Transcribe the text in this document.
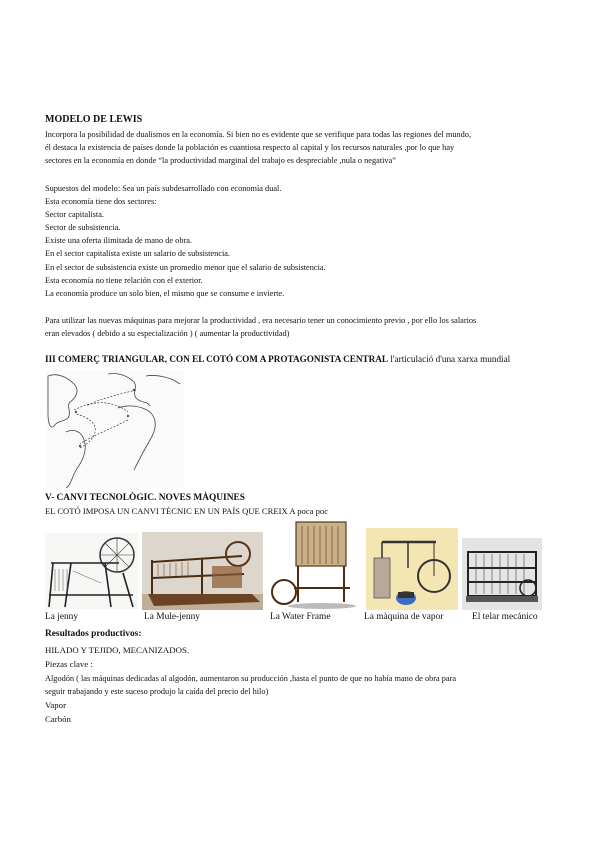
MODELO DE LEWIS
Incorpora la posibilidad de dualismos en la economía. Si bien no es evidente que se verifique para todas las regiones del mundo,
él destaca la existencia de países donde la población es cuantiosa respecto al capital y los recursos naturales ,por lo que hay
sectores en la economía en donde “la productividad marginal del trabajo es despreciable ,nula o negativa”
Supuestos del modelo: Sea un país subdesarrollado con economía dual.
Esta economía tiene dos sectores:
Sector capitalista.
Sector de subsistencia.
Existe una oferta ilimitada de mano de obra.
En el sector capitalista existe un salario de subsistencia.
En el sector de subsistencia existe un promedio menor que el salario de subsistencia.
Esta economía no tiene relación con el exterior.
La economía produce un solo bien, el mismo que se consume e invierte.
Para utilizar las nuevas máquinas para mejorar la productividad , era necesario tener un conocimiento previo , por ello los salarios
eran elevados ( debido a su especialización ) ( aumentar la productividad)
III COMERÇ TRIANGULAR, CON EL COTÓ COM A PROTAGONISTA CENTRAL l'articulació d'una xarxa mundial
V- CANVI TECNOLÒGIC. NOVES MÀQUINES
EL COTÓ IMPOSA UN CANVI TÈCNIC EN UN PAÍS QUE CREIX A poca poc
La jenny	La Mule-jenny	La Water Frame	La màquina de vapor	El telar mecánico
Resultados productivos:
HILADO Y TEJIDO, MECANIZADOS.
Piezas clave :
Algodón ( las máquinas dedicadas al algodón, aumentaron su producción ,hasta el punto de que no había mano de obra para
seguir trabajando y este suceso produjo la caída del precio del hilo)
Vapor
Carbón
